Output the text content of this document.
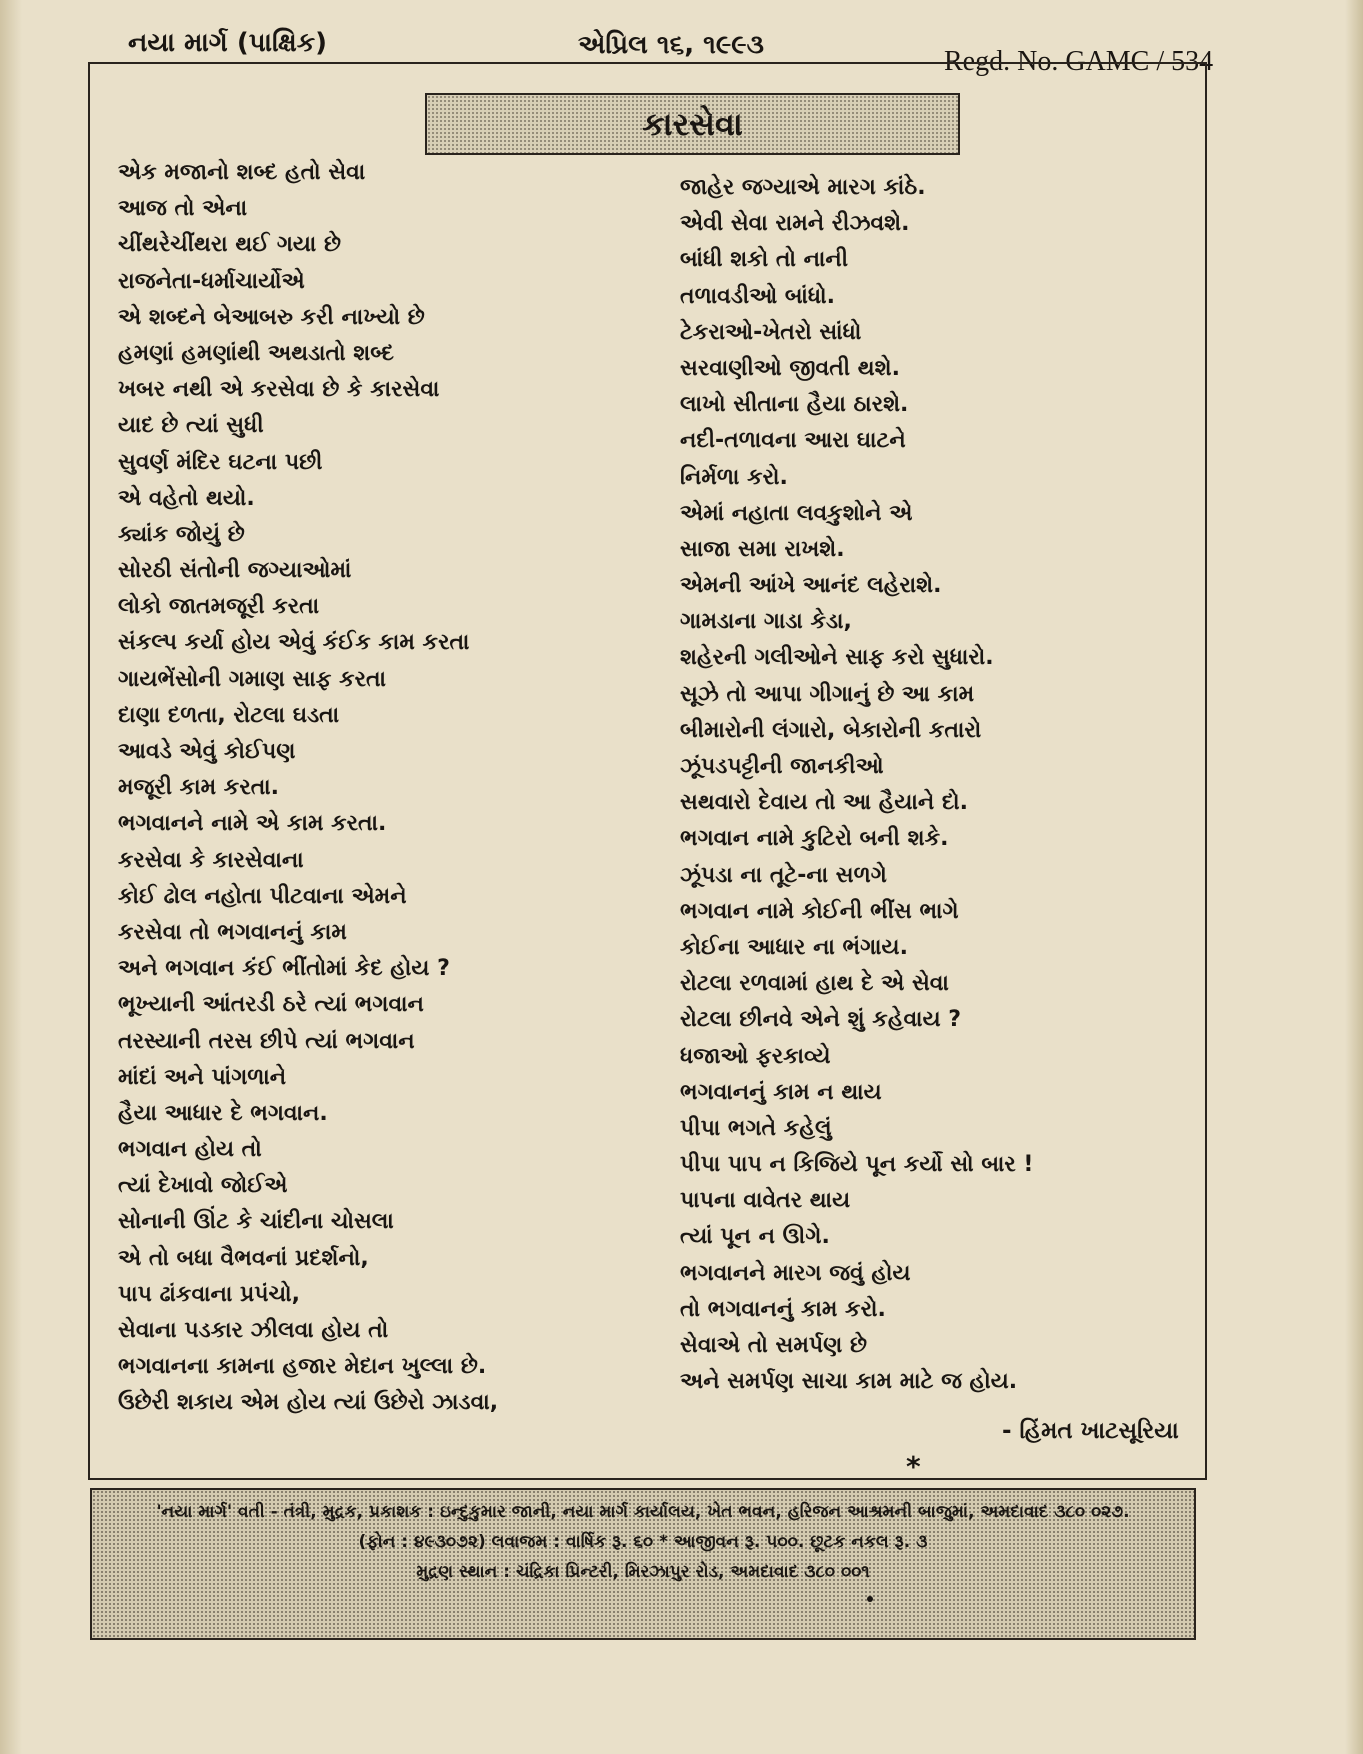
નયા માર્ગ (પાક્ષિક)	એપ્રિલ ૧૬, ૧૯૯૩
Regd. No. GAMC / 534
કારસેવા
એક મજાનો શબ્દ હતો સેવા
આજ તો એના
ચીંથરેચીંથરા થઈ ગયા છે
રાજનેતા-ધર્માચાર્યોએ
એ શબ્દને બેઆબરુ કરી નાખ્યો છે
હમણાં હમણાંથી અથડાતો શબ્દ
ખબર નથી એ કરસેવા છે કે કારસેવા
યાદ છે ત્યાં સુધી
સુવર્ણ મંદિર ઘટના પછી
એ વહેતો થયો.
ક્યાંક જોયું છે
સોરઠી સંતોની જગ્યાઓમાં
લોકો જાતમજૂરી કરતા
સંકલ્પ કર્યા હોય એવું કંઈક કામ કરતા
ગાયભેંસોની ગમાણ સાફ કરતા
દાણા દળતા, રોટલા ઘડતા
આવડે એવું કોઈપણ
મજૂરી કામ કરતા.
ભગવાનને નામે એ કામ કરતા.
કરસેવા કે કારસેવાના
કોઈ ઢોલ નહોતા પીટવાના એમને
કરસેવા તો ભગવાનનું કામ
અને ભગવાન કંઈ ભીંતોમાં કેદ હોય ?
ભૂખ્યાની આંતરડી ઠરે ત્યાં ભગવાન
તરસ્યાની તરસ છીપે ત્યાં ભગવાન
માંદાં અને પાંગળાને
હૈયા આધાર દે ભગવાન.
ભગવાન હોય તો
ત્યાં દેખાવો જોઈએ
સોનાની ઊંટ કે ચાંદીના ચોસલા
એ તો બધા વૈભવનાં પ્રદર્શનો,
પાપ ઢાંકવાના પ્રપંચો,
સેવાના પડકાર ઝીલવા હોય તો
ભગવાનના કામના હજાર મેદાન ખુલ્લા છે.
ઉછેરી શકાય એમ હોય ત્યાં ઉછેરો ઝાડવા,
જાહેર જગ્યાએ મારગ કાંઠે.
એવી સેવા રામને રીઝવશે.
બાંધી શકો તો નાની
તળાવડીઓ બાંધો.
ટેકરાઓ-ખેતરો સાંધો
સરવાણીઓ જીવતી થશે.
લાખો સીતાના હૈયા ઠારશે.
નદી-તળાવના આરા ઘાટને
નિર્મળા કરો.
એમાં નહાતા લવકુશોને એ
સાજા સમા રાખશે.
એમની આંખે આનંદ લહેરાશે.
ગામડાના ગાડા કેડા,
શહેરની ગલીઓને સાફ કરો સુધારો.
સૂઝે તો આપા ગીગાનું છે આ કામ
બીમારોની લંગારો, બેકારોની કતારો
ઝૂંપડપટ્ટીની જાનકીઓ
સથવારો દેવાય તો આ હૈયાને દો.
ભગવાન નામે કુટિરો બની શકે.
ઝૂંપડા ના તૂટે-ના સળગે
ભગવાન નામે કોઈની ભીંસ ભાગે
કોઈના આધાર ના ભંગાય.
રોટલા રળવામાં હાથ દે એ સેવા
રોટલા છીનવે એને શું કહેવાય ?
ધજાઓ ફરકાવ્યે
ભગવાનનું કામ ન થાય
પીપા ભગતે કહેલું
પીપા પાપ ન કિજિયે પૂન કર્યો સો બાર !
પાપના વાવેતર થાય
ત્યાં પૂન ન ઊગે.
ભગવાનને મારગ જવું હોય
તો ભગવાનનું કામ કરો.
સેવાએ તો સમર્પણ છે
અને સમર્પણ સાચા કામ માટે જ હોય.
- હિંમત ખાટસૂરિયા
*
'નયા માર્ગ' વતી - તંત્રી, મુદ્રક, પ્રકાશક : ઇન્દુકુમાર જાની, નયા માર્ગ કાર્યાલય, ખેત ભવન, હરિજન આશ્રમની બાજુમાં, અમદાવાદ ૩૮૦ ૦૨૭.
(ફોન : ૪૯૩૦૭૨) લવાજમ : વાર્ષિક રૂ. ૬૦ * આજીવન રૂ. ૫૦૦. છૂટક નકલ રૂ. ૩
મુદ્રણ સ્થાન : ચંદ્રિકા પ્રિન્ટરી, મિરઝાપુર રોડ, અમદાવાદ ૩૮૦ ૦૦૧
